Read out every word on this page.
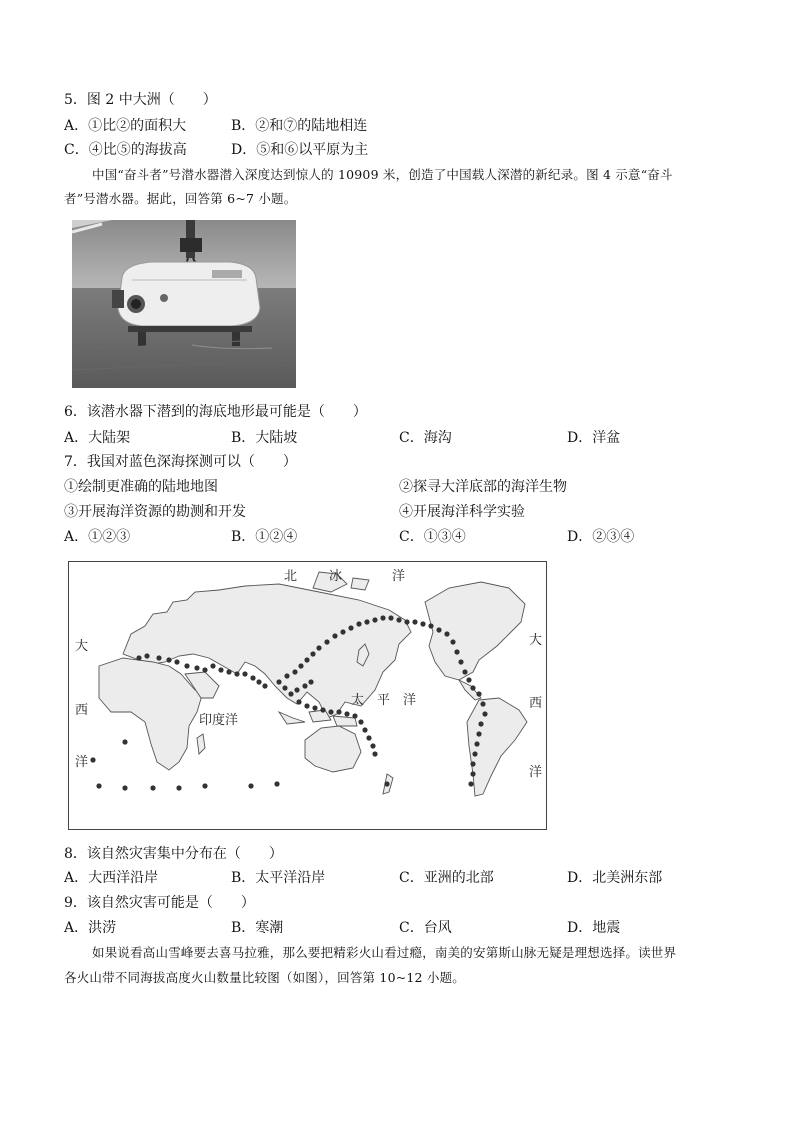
5．图 2 中大洲（　　）
A．①比②的面积大	B．②和⑦的陆地相连
C．④比⑤的海拔高	D．⑤和⑥以平原为主
中国“奋斗者”号潜水器潜入深度达到惊人的 10909 米，创造了中国载人深潜的新纪录。图 4 示意“奋斗
者”号潜水器。据此，回答第 6~7 小题。
6．该潜水器下潜到的海底地形最可能是（　　）
A．大陆架	B．大陆坡	C．海沟	D．洋盆
7．我国对蓝色深海探测可以（　　）
①绘制更准确的陆地地图	②探寻大洋底部的海洋生物
③开展海洋资源的勘测和开发	④开展海洋科学实验
A．①②③	B．①②④	C．①③④	D．②③④
北 冰	洋
大
西
洋
大
西
洋
太　平　洋
印度洋
8．该自然灾害集中分布在（　　）
A．大西洋沿岸	B．太平洋沿岸	C．亚洲的北部	D．北美洲东部
9．该自然灾害可能是（　　）
A．洪涝	B．寒潮	C．台风	D．地震
如果说看高山雪峰要去喜马拉雅，那么要把精彩火山看过瘾，南美的安第斯山脉无疑是理想选择。读世界
各火山带不同海拔高度火山数量比较图（如图），回答第 10~12 小题。
